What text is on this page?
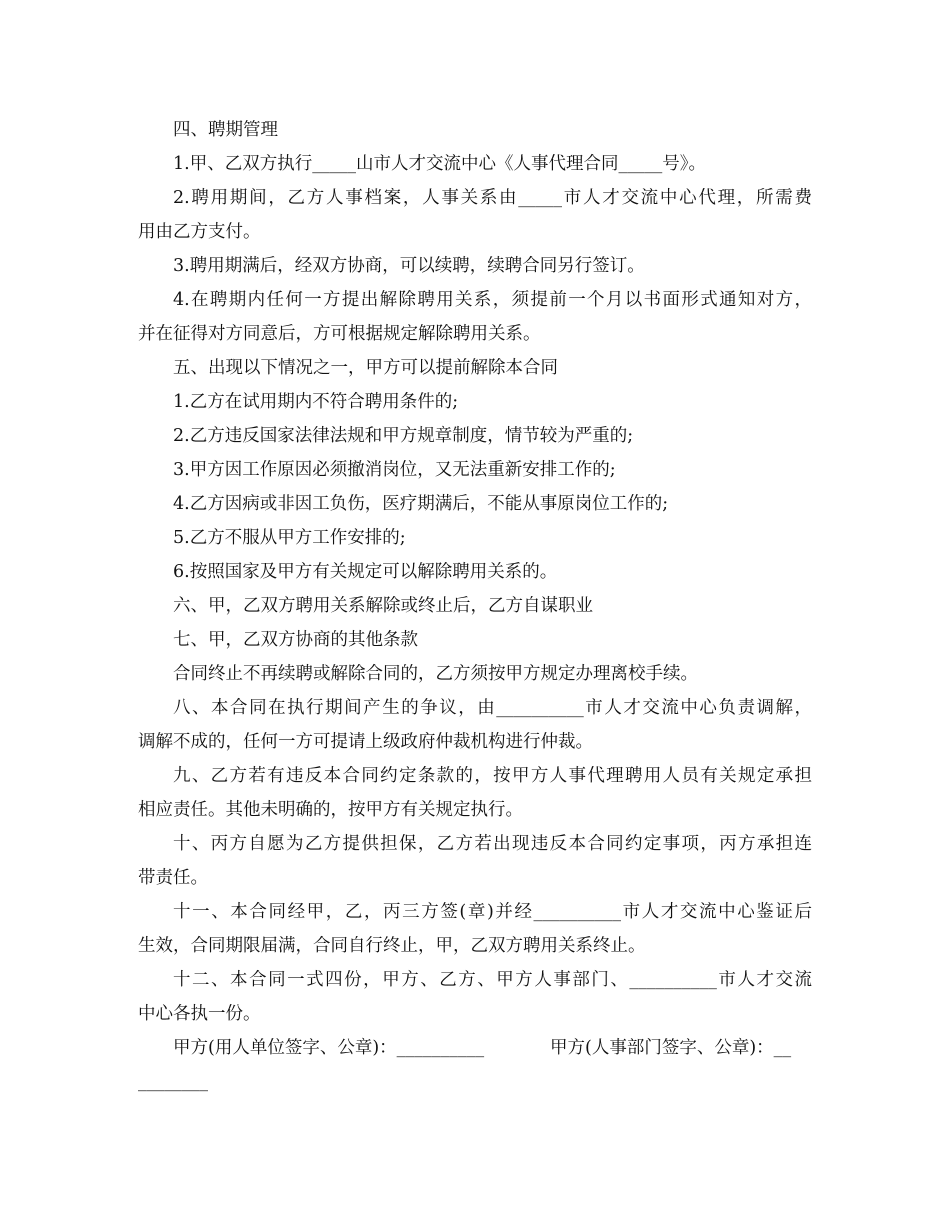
四、聘期管理
1.甲、乙双方执行_____山市人才交流中心《人事代理合同_____号》。
2.聘用期间，乙方人事档案，人事关系由_____市人才交流中心代理，所需费
用由乙方支付。
3.聘用期满后，经双方协商，可以续聘，续聘合同另行签订。
4.在聘期内任何一方提出解除聘用关系，须提前一个月以书面形式通知对方，
并在征得对方同意后，方可根据规定解除聘用关系。
五、出现以下情况之一，甲方可以提前解除本合同
1.乙方在试用期内不符合聘用条件的;
2.乙方违反国家法律法规和甲方规章制度，情节较为严重的;
3.甲方因工作原因必须撤消岗位，又无法重新安排工作的;
4.乙方因病或非因工负伤，医疗期满后，不能从事原岗位工作的;
5.乙方不服从甲方工作安排的;
6.按照国家及甲方有关规定可以解除聘用关系的。
六、甲，乙双方聘用关系解除或终止后，乙方自谋职业
七、甲，乙双方协商的其他条款
合同终止不再续聘或解除合同的，乙方须按甲方规定办理离校手续。
八、本合同在执行期间产生的争议，由__________市人才交流中心负责调解，
调解不成的，任何一方可提请上级政府仲裁机构进行仲裁。
九、乙方若有违反本合同约定条款的，按甲方人事代理聘用人员有关规定承担
相应责任。其他未明确的，按甲方有关规定执行。
十、丙方自愿为乙方提供担保，乙方若出现违反本合同约定事项，丙方承担连
带责任。
十一、本合同经甲，乙，丙三方签(章)并经__________市人才交流中心鉴证后
生效，合同期限届满，合同自行终止，甲，乙双方聘用关系终止。
十二、本合同一式四份，甲方、乙方、甲方人事部门、__________市人才交流
中心各执一份。
甲方(用人单位签字、公章)：__________	甲方(人事部门签字、公章)：__
________
